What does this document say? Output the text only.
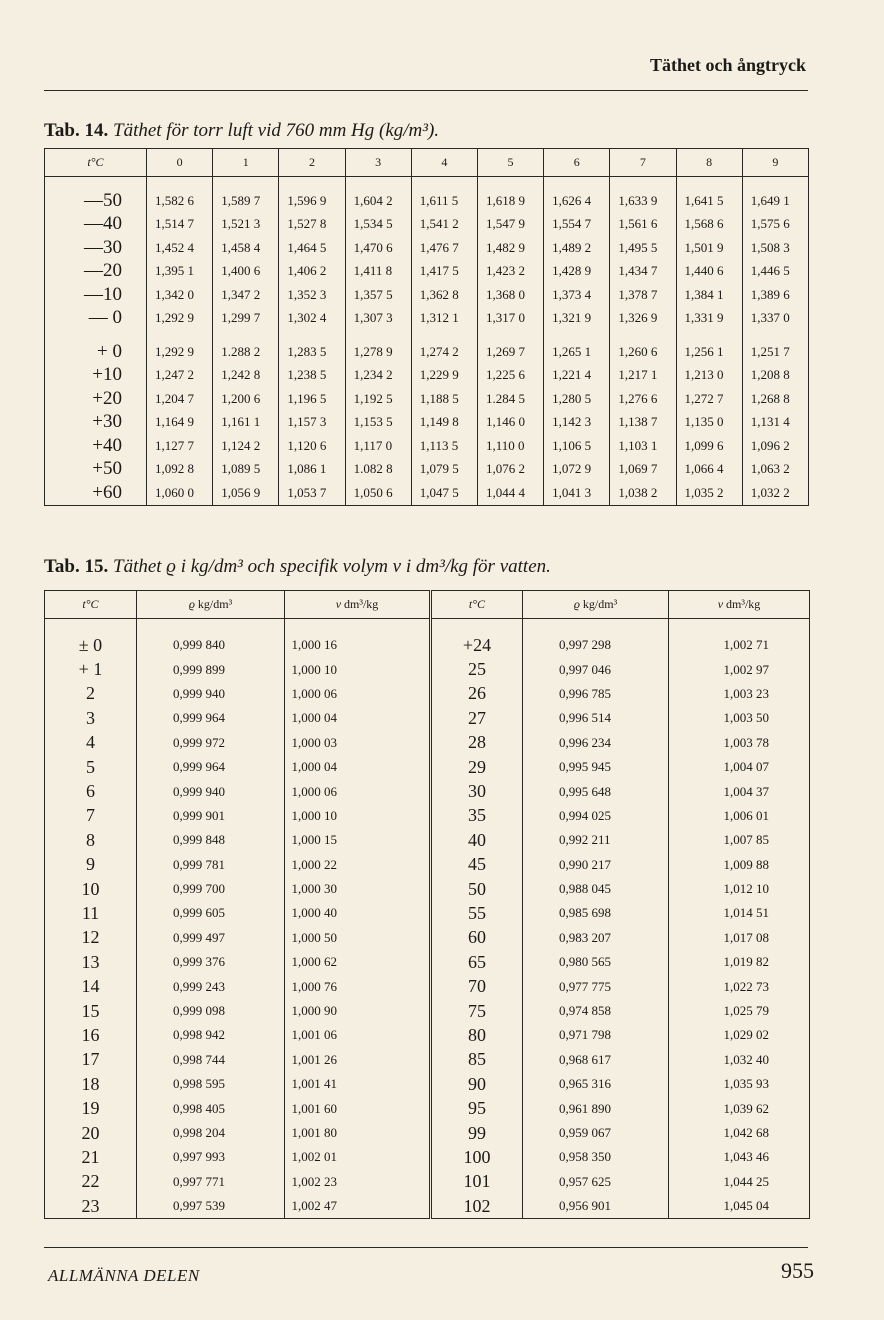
Täthet och ångtryck
Tab. 14. Täthet för torr luft vid 760 mm Hg (kg/m³).
t°C	0	1	2	3	4	5	6	7	8	9

—50	1,582 6	1,589 7	1,596 9	1,604 2	1,611 5	1,618 9	1,626 4	1,633 9	1,641 5	1,649 1
—40	1,514 7	1,521 3	1,527 8	1,534 5	1,541 2	1,547 9	1,554 7	1,561 6	1,568 6	1,575 6
—30	1,452 4	1,458 4	1,464 5	1,470 6	1,476 7	1,482 9	1,489 2	1,495 5	1,501 9	1,508 3
—20	1,395 1	1,400 6	1,406 2	1,411 8	1,417 5	1,423 2	1,428 9	1,434 7	1,440 6	1,446 5
—10	1,342 0	1,347 2	1,352 3	1,357 5	1,362 8	1,368 0	1,373 4	1,378 7	1,384 1	1,389 6
— 0	1,292 9	1,299 7	1,302 4	1,307 3	1,312 1	1,317 0	1,321 9	1,326 9	1,331 9	1,337 0

+ 0	1,292 9	1.288 2	1,283 5	1,278 9	1,274 2	1,269 7	1,265 1	1,260 6	1,256 1	1,251 7
+10	1,247 2	1,242 8	1,238 5	1,234 2	1,229 9	1,225 6	1,221 4	1,217 1	1,213 0	1,208 8
+20	1,204 7	1,200 6	1,196 5	1,192 5	1,188 5	1.284 5	1,280 5	1,276 6	1,272 7	1,268 8
+30	1,164 9	1,161 1	1,157 3	1,153 5	1,149 8	1,146 0	1,142 3	1,138 7	1,135 0	1,131 4
+40	1,127 7	1,124 2	1,120 6	1,117 0	1,113 5	1,110 0	1,106 5	1,103 1	1,099 6	1,096 2
+50	1,092 8	1,089 5	1,086 1	1.082 8	1,079 5	1,076 2	1,072 9	1,069 7	1,066 4	1,063 2
+60	1,060 0	1,056 9	1,053 7	1,050 6	1,047 5	1,044 4	1,041 3	1,038 2	1,035 2	1,032 2
Tab. 15. Täthet ϱ i kg/dm³ och specifik volym v i dm³/kg för vatten.
t°C	ϱ kg/dm³	v dm³/kg	t°C	ϱ kg/dm³	v dm³/kg

± 0	0,999 840	1,000 16	+24	0,997 298	1,002 71
+ 1	0,999 899	1,000 10	25	0,997 046	1,002 97
2	0,999 940	1,000 06	26	0,996 785	1,003 23
3	0,999 964	1,000 04	27	0,996 514	1,003 50
4	0,999 972	1,000 03	28	0,996 234	1,003 78
5	0,999 964	1,000 04	29	0,995 945	1,004 07
6	0,999 940	1,000 06	30	0,995 648	1,004 37
7	0,999 901	1,000 10	35	0,994 025	1,006 01
8	0,999 848	1,000 15	40	0,992 211	1,007 85
9	0,999 781	1,000 22	45	0,990 217	1,009 88
10	0,999 700	1,000 30	50	0,988 045	1,012 10
11	0,999 605	1,000 40	55	0,985 698	1,014 51
12	0,999 497	1,000 50	60	0,983 207	1,017 08
13	0,999 376	1,000 62	65	0,980 565	1,019 82
14	0,999 243	1,000 76	70	0,977 775	1,022 73
15	0,999 098	1,000 90	75	0,974 858	1,025 79
16	0,998 942	1,001 06	80	0,971 798	1,029 02
17	0,998 744	1,001 26	85	0,968 617	1,032 40
18	0,998 595	1,001 41	90	0,965 316	1,035 93
19	0,998 405	1,001 60	95	0,961 890	1,039 62
20	0,998 204	1,001 80	99	0,959 067	1,042 68
21	0,997 993	1,002 01	100	0,958 350	1,043 46
22	0,997 771	1,002 23	101	0,957 625	1,044 25
23	0,997 539	1,002 47	102	0,956 901	1,045 04
ALLMÄNNA DELEN	955
